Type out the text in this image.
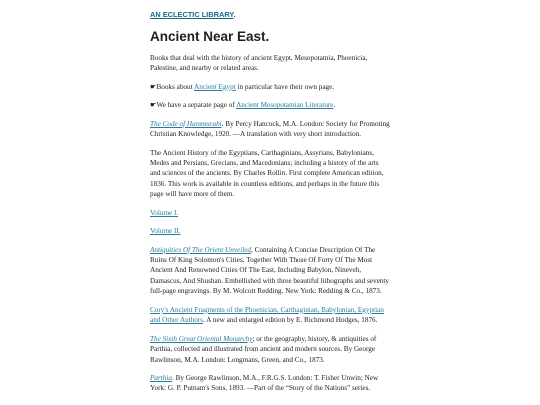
AN ECLECTIC LIBRARY.
Ancient Near East.

Books that deal with the history of ancient Egypt, Mesopotamia, Phoenicia, Palestine, and nearby or related areas.

☛Books about Ancient Egypt in particular have their own page.

☛We have a separate page of Ancient Mesopotamian Literature.

The Code of Hammurabi. By Percy Hancock, M.A. London: Society for Promoting Christian Knowledge, 1920. —A translation with very short introduction.

The Ancient History of the Egyptians, Carthaginians, Assyrians, Babylonians, Medes and Persians, Grecians, and Macedonians; including a history of the arts and sciences of the ancients. By Charles Rollin. First complete American edition, 1836. This work is available in countless editions, and perhaps in the future this page will have more of them.

Volume I.

Volume II.

Antiquities Of The Orient Unveiled, Containing A Concise Description Of The Ruins Of King Solomon's Cities, Together With Those Of Forty Of The Most Ancient And Renowned Cities Of The East, Including Babylon, Nineveh, Damascus, And Shushan. Embellished with three beautiful lithographs and seventy full-page engravings. By M. Wolcott Redding. New York: Redding & Co., 1873.

Cory's Ancient Fragments of the Phoenician, Carthaginian, Babylonian, Egyptian and Other Authors. A new and enlarged edition by E. Richmond Hodges, 1876.

The Sixth Great Oriental Monarchy; or the geography, history, & antiquities of Parthia, collected and illustrated from ancient and modern sources. By George Rawlinson, M.A. London: Longmans, Green, and Co., 1873.

Parthia. By George Rawlinson, M.A., F.R.G.S. London: T. Fisher Unwin; New York: G. P. Putnam's Sons, 1893. —Part of the “Story of the Nations” series.
